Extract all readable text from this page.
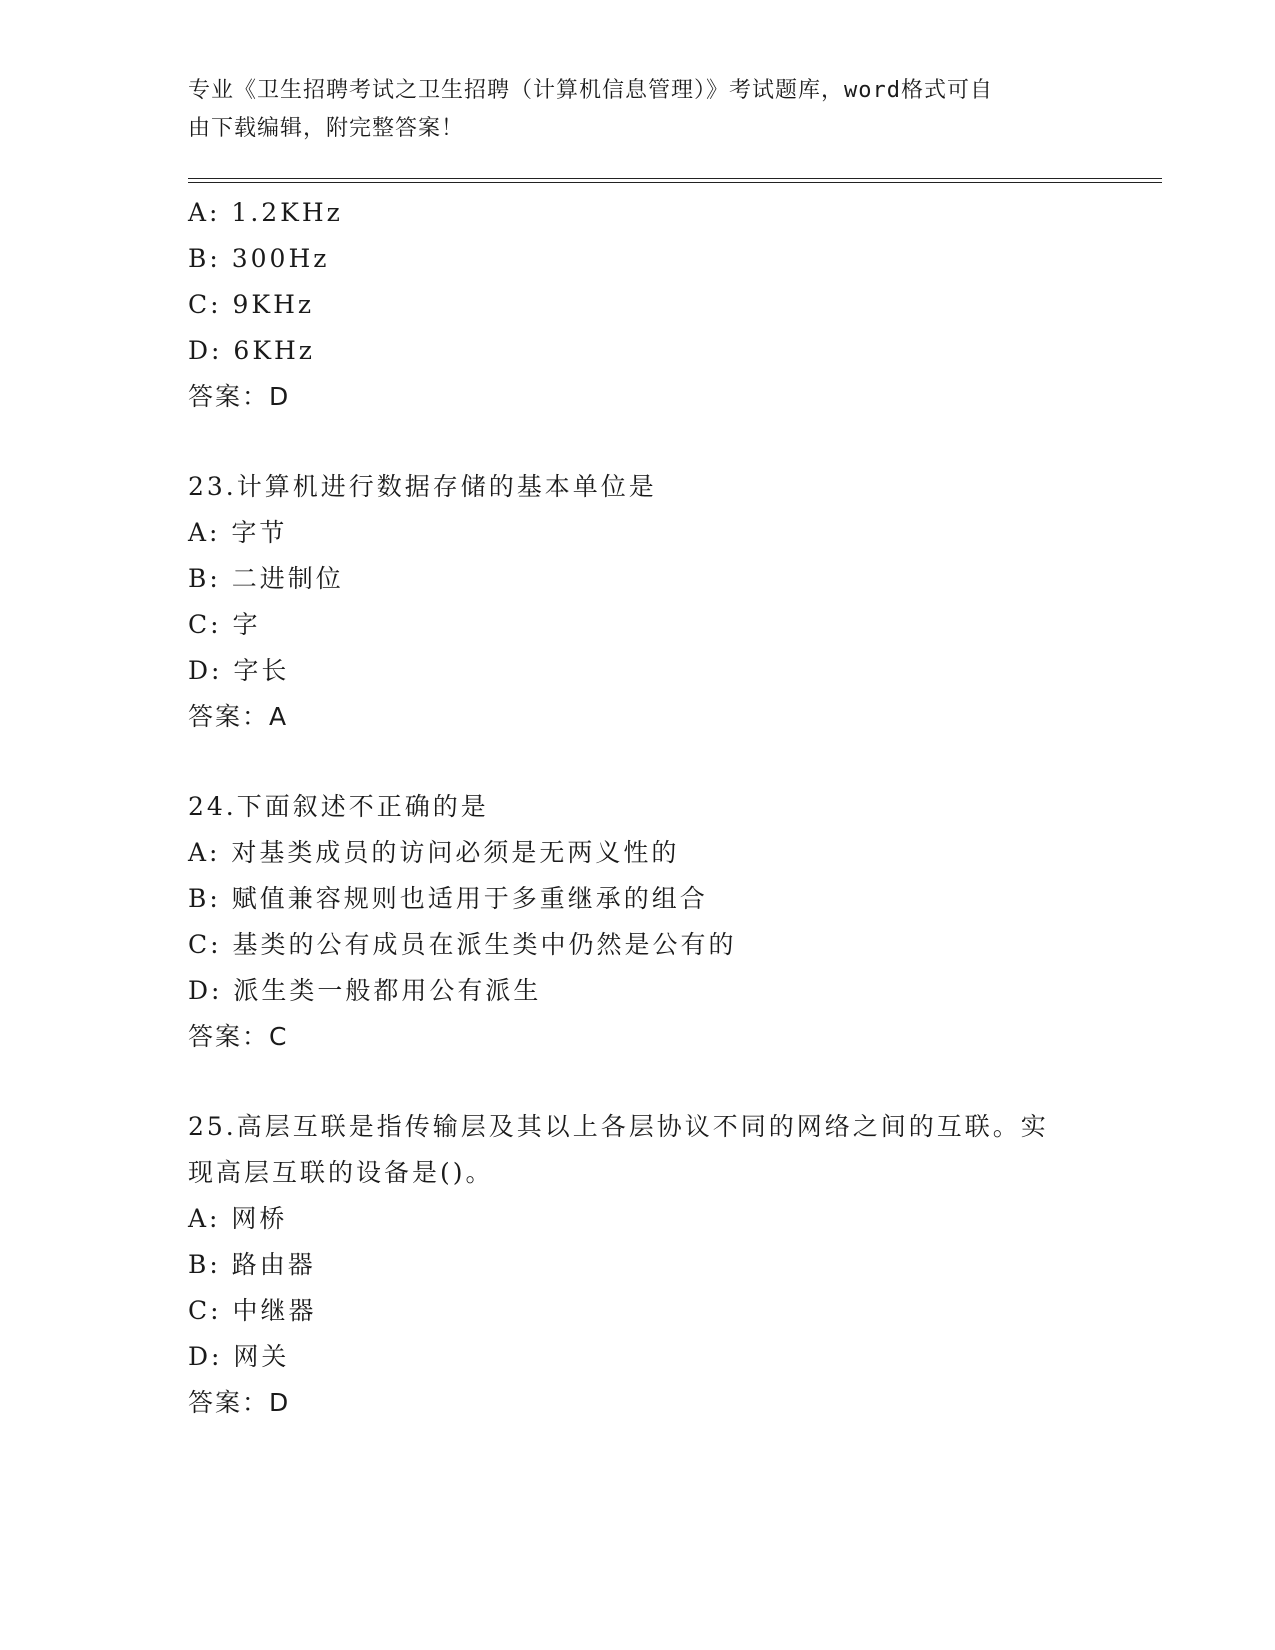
专业《卫生招聘考试之卫生招聘（计算机信息管理）》考试题库，word格式可自
由下载编辑，附完整答案！
A: 1.2KHz
B: 300Hz
C: 9KHz
D: 6KHz
答案：D
23.计算机进行数据存储的基本单位是
A: 字节
B: 二进制位
C: 字
D: 字长
答案：A
24.下面叙述不正确的是
A: 对基类成员的访问必须是无两义性的
B: 赋值兼容规则也适用于多重继承的组合
C: 基类的公有成员在派生类中仍然是公有的
D: 派生类一般都用公有派生
答案：C
25.高层互联是指传输层及其以上各层协议不同的网络之间的互联。实
现高层互联的设备是()。
A: 网桥
B: 路由器
C: 中继器
D: 网关
答案：D
